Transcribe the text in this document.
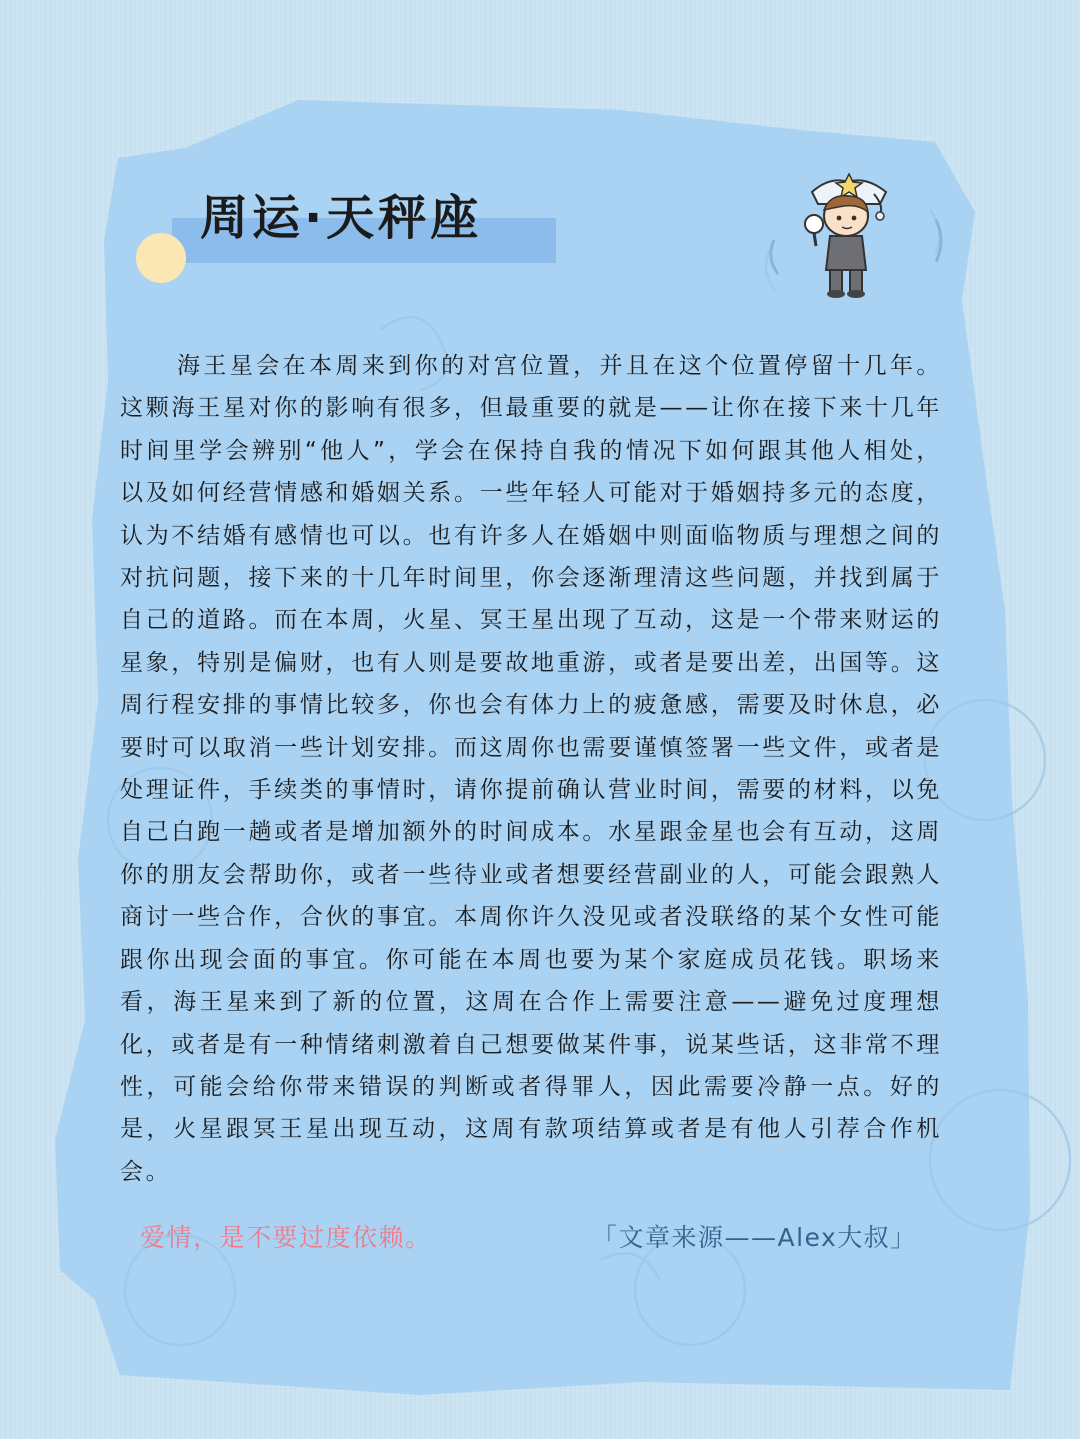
周运·天秤座

海王星会在本周来到你的对宫位置，并且在这个位置停留十几年。这颗海王星对你的影响有很多，但最重要的就是——让你在接下来十几年时间里学会辨别“他人”，学会在保持自我的情况下如何跟其他人相处，以及如何经营情感和婚姻关系。一些年轻人可能对于婚姻持多元的态度，认为不结婚有感情也可以。也有许多人在婚姻中则面临物质与理想之间的对抗问题，接下来的十几年时间里，你会逐渐理清这些问题，并找到属于自己的道路。而在本周，火星、冥王星出现了互动，这是一个带来财运的星象，特别是偏财，也有人则是要故地重游，或者是要出差，出国等。这周行程安排的事情比较多，你也会有体力上的疲惫感，需要及时休息，必要时可以取消一些计划安排。而这周你也需要谨慎签署一些文件，或者是处理证件，手续类的事情时，请你提前确认营业时间，需要的材料，以免自己白跑一趟或者是增加额外的时间成本。水星跟金星也会有互动，这周你的朋友会帮助你，或者一些待业或者想要经营副业的人，可能会跟熟人商讨一些合作，合伙的事宜。本周你许久没见或者没联络的某个女性可能跟你出现会面的事宜。你可能在本周也要为某个家庭成员花钱。职场来看，海王星来到了新的位置，这周在合作上需要注意——避免过度理想化，或者是有一种情绪刺激着自己想要做某件事，说某些话，这非常不理性，可能会给你带来错误的判断或者得罪人，因此需要冷静一点。好的是，火星跟冥王星出现互动，这周有款项结算或者是有他人引荐合作机会。

爱情，是不要过度依赖。	「文章来源——Alex大叔」
